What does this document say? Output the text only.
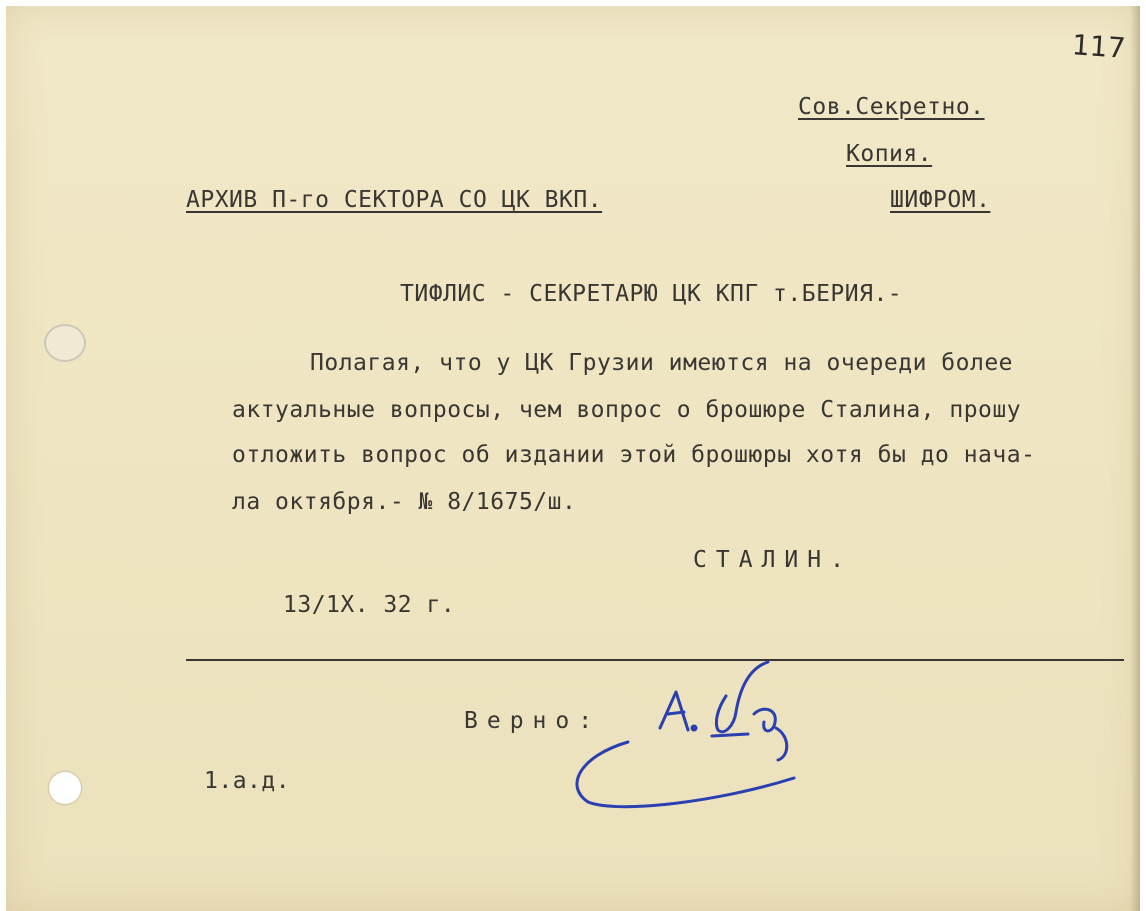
117
Сов.Секретно.
Копия.
АРХИВ П-го СЕКТОРА СО ЦК ВКП.	ШИФРОМ.
ТИФЛИС - СЕКРЕТАРЮ ЦК КПГ т.БЕРИЯ.-
Полагая, что у ЦК Грузии имеются на очереди более
актуальные вопросы, чем вопрос о брошюре Сталина, прошу
отложить вопрос об издании этой брошюры хотя бы до нача-
ла октября.- № 8/1675/ш.
СТАЛИН.
13/1X. 32 г.
Верно:
1.а.д.
